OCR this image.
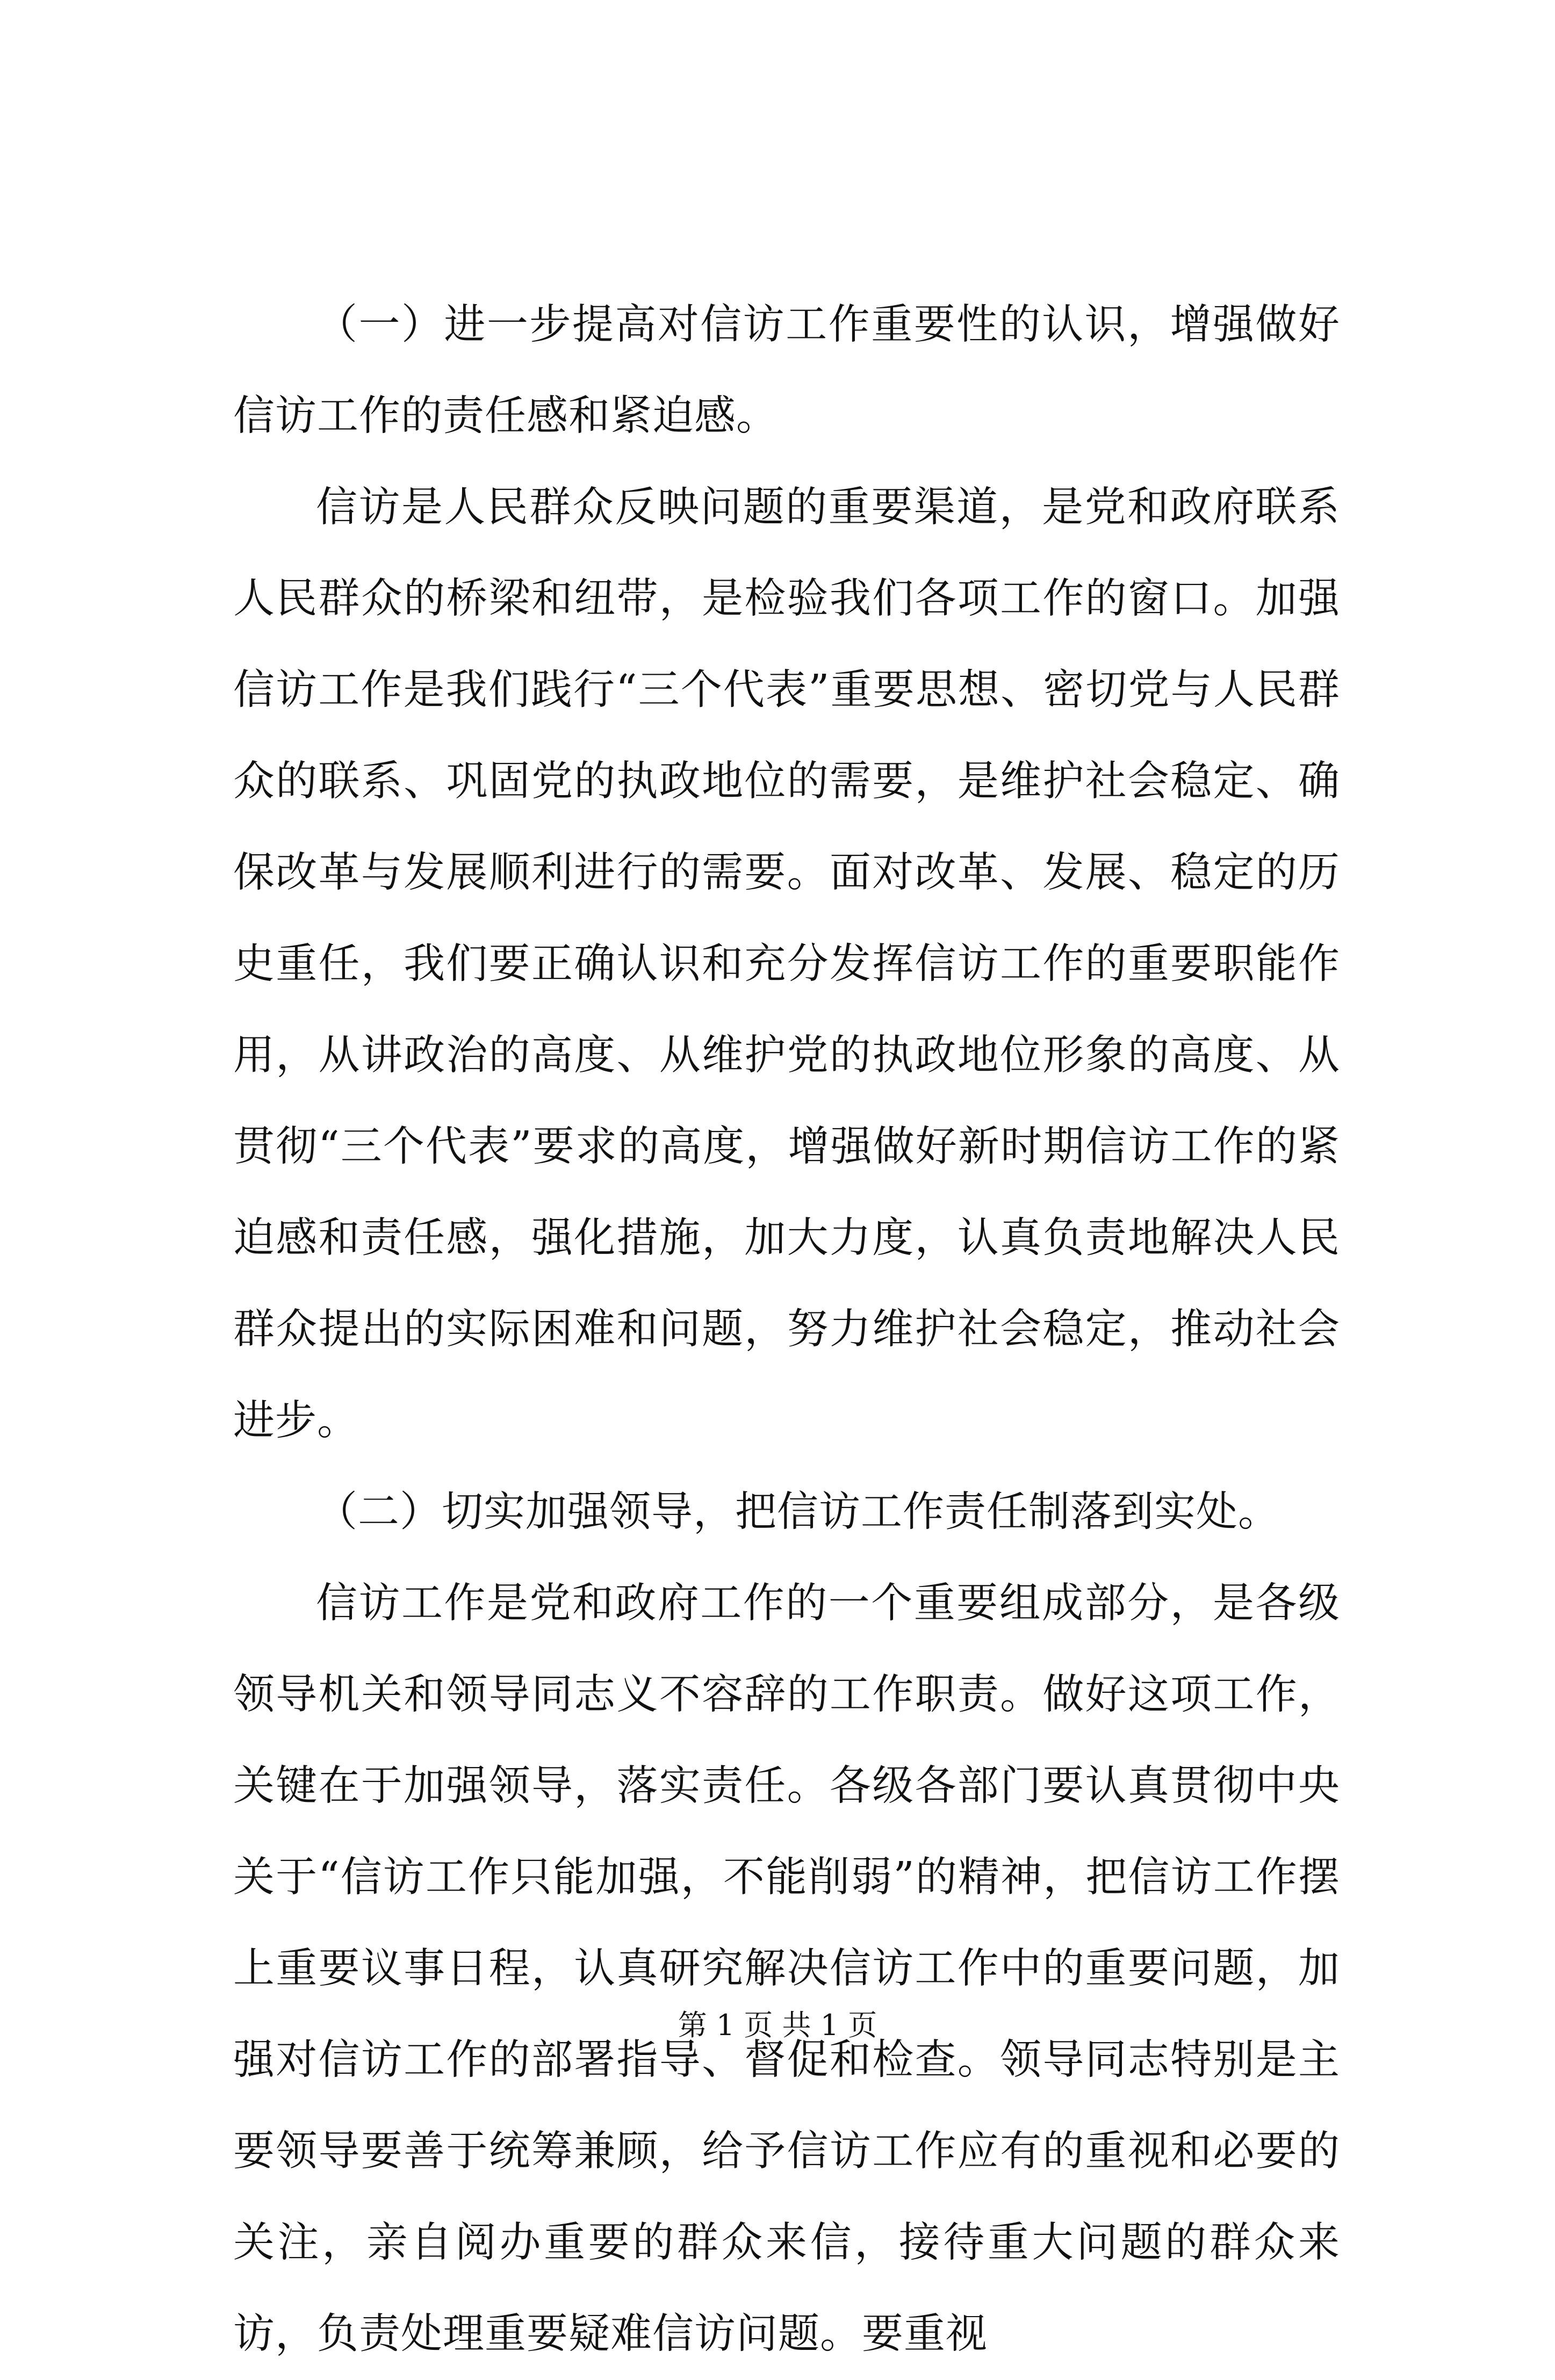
（一）进一步提高对信访工作重要性的认识，增强做好信访工作的责任感和紧迫感。

信访是人民群众反映问题的重要渠道，是党和政府联系人民群众的桥梁和纽带，是检验我们各项工作的窗口。加强信访工作是我们践行“三个代表”重要思想、密切党与人民群众的联系、巩固党的执政地位的需要，是维护社会稳定、确保改革与发展顺利进行的需要。面对改革、发展、稳定的历史重任，我们要正确认识和充分发挥信访工作的重要职能作用，从讲政治的高度、从维护党的执政地位形象的高度、从贯彻“三个代表”要求的高度，增强做好新时期信访工作的紧迫感和责任感，强化措施，加大力度，认真负责地解决人民群众提出的实际困难和问题，努力维护社会稳定，推动社会进步。

（二）切实加强领导，把信访工作责任制落到实处。

信访工作是党和政府工作的一个重要组成部分，是各级领导机关和领导同志义不容辞的工作职责。做好这项工作，关键在于加强领导，落实责任。各级各部门要认真贯彻中央关于“信访工作只能加强，不能削弱”的精神，把信访工作摆上重要议事日程，认真研究解决信访工作中的重要问题，加强对信访工作的部署指导、督促和检查。领导同志特别是主要领导要善于统筹兼顾，给予信访工作应有的重视和必要的关注，亲自阅办重要的群众来信，接待重大问题的群众来访，负责处理重要疑难信访问题。要重视

第 1 页 共 1 页
